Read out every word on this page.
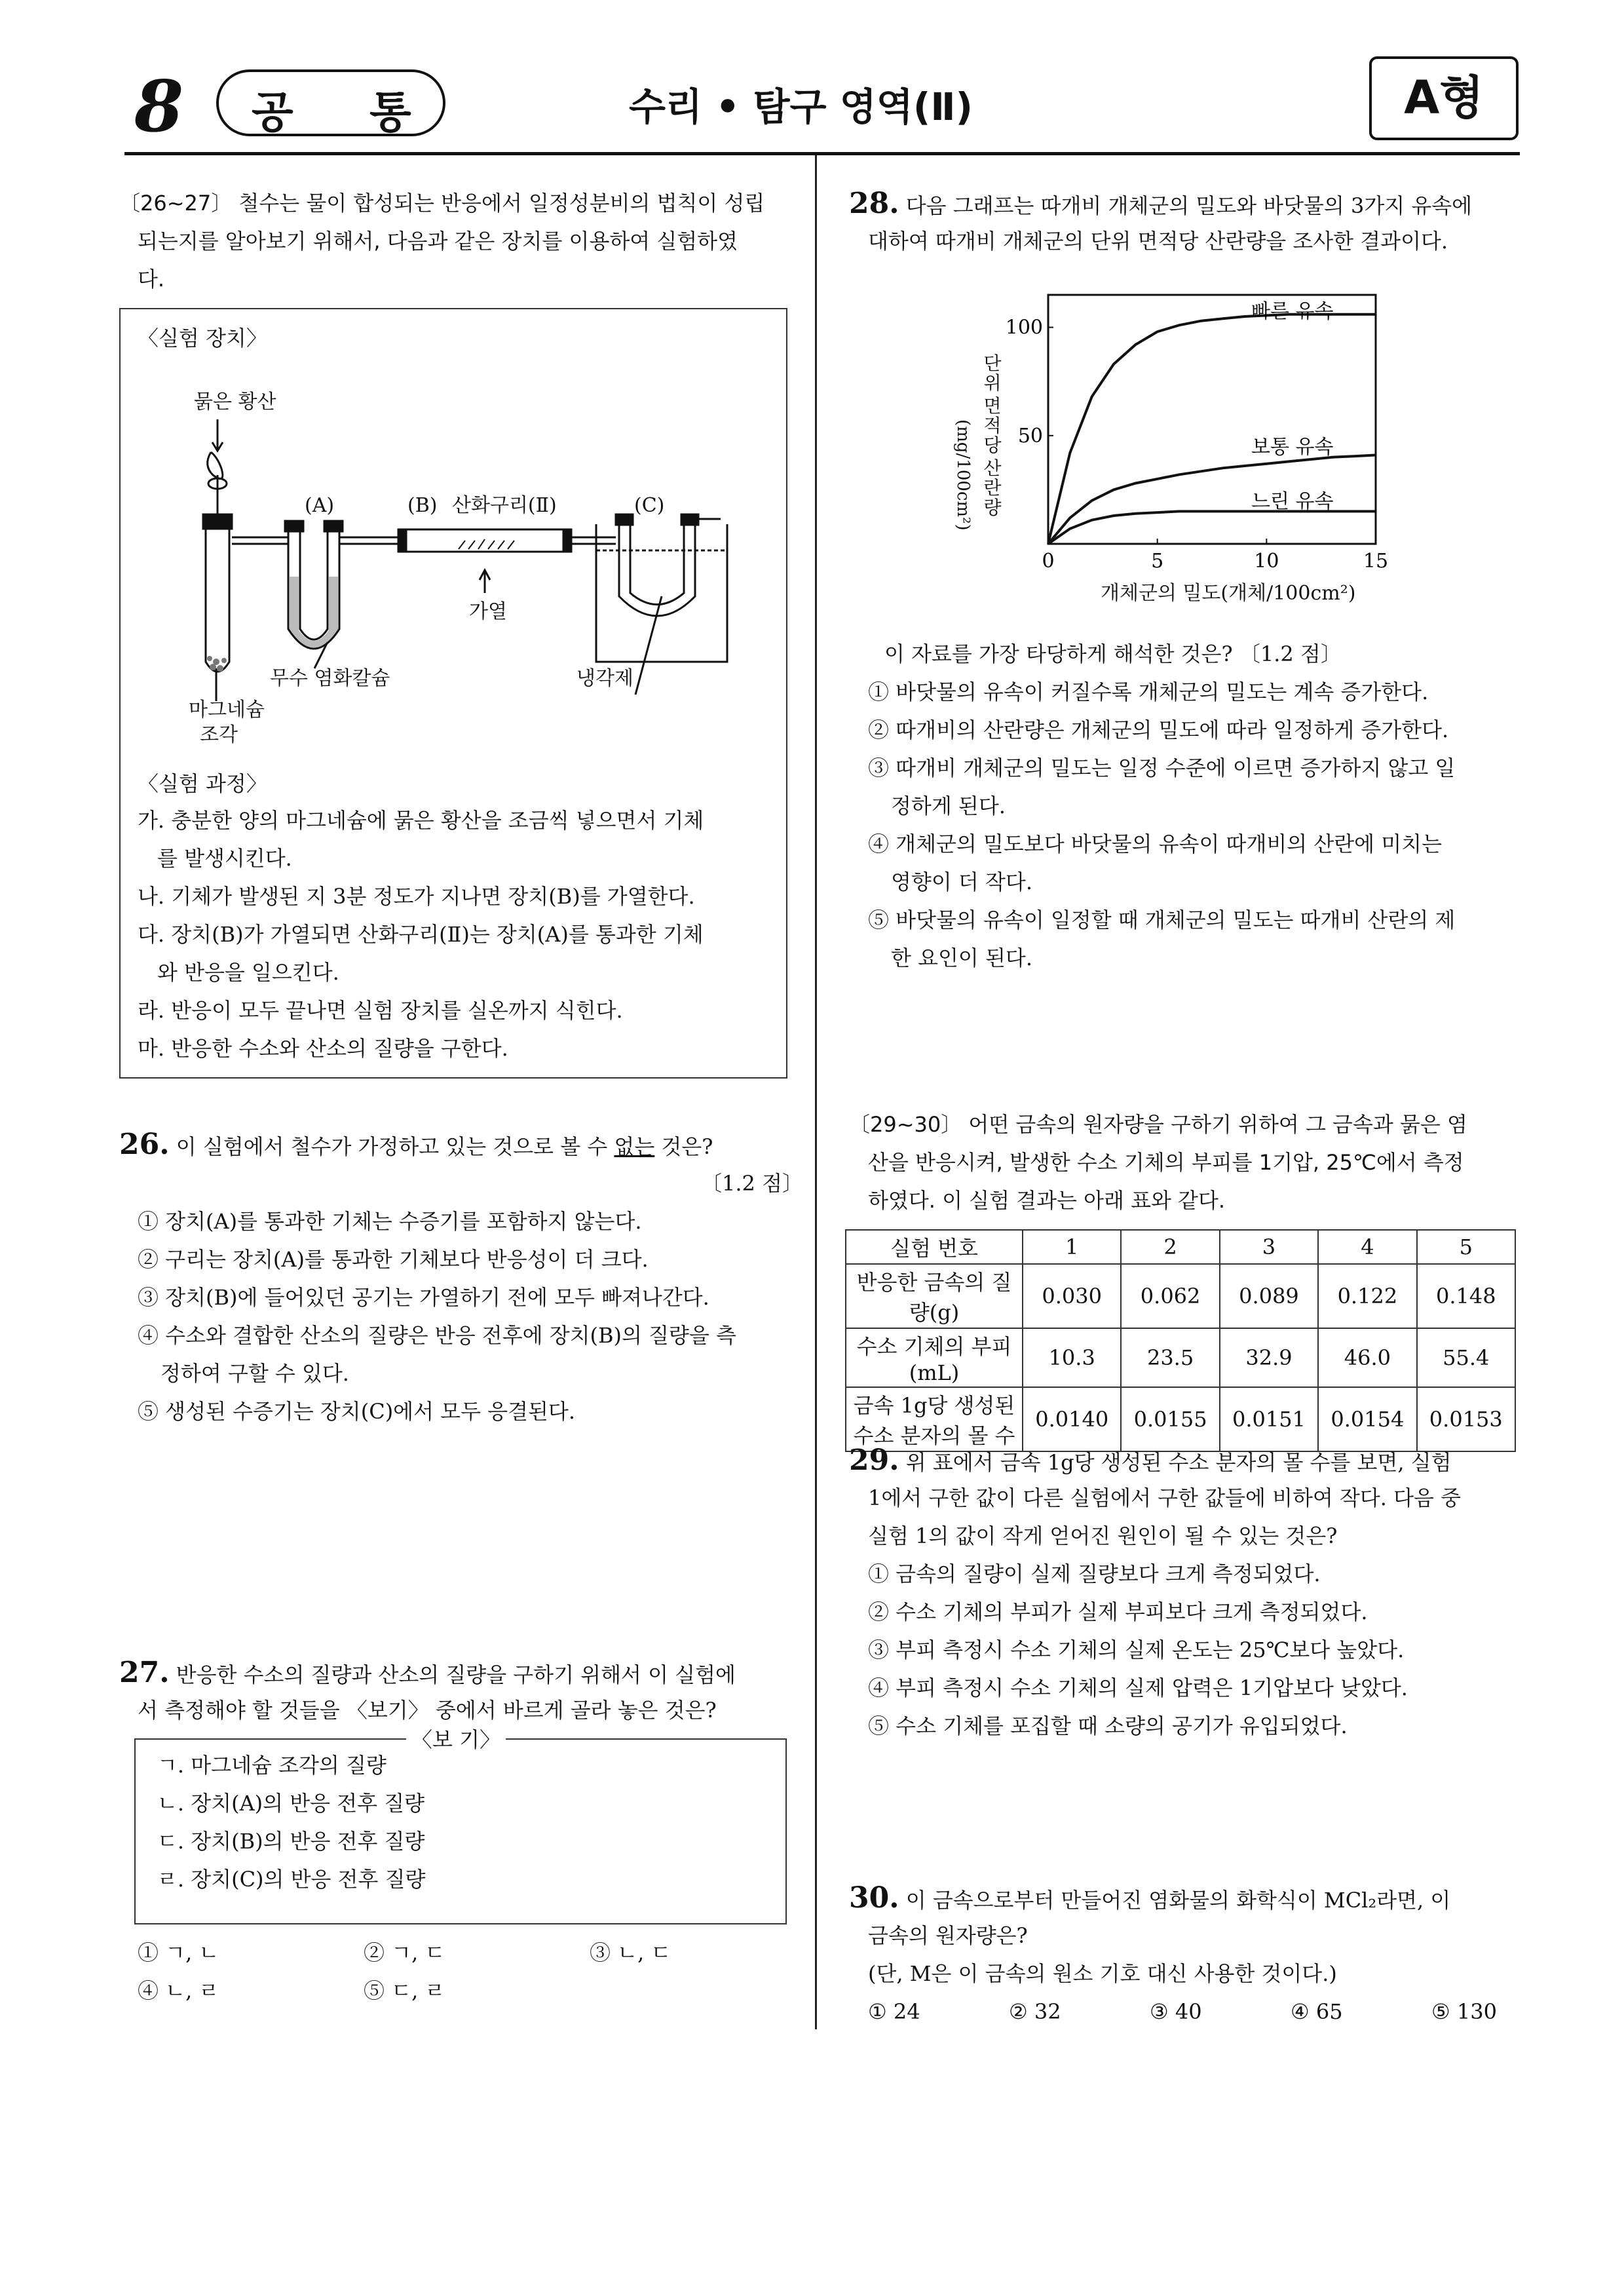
8 공 통	수리 • 탐구 영역(Ⅱ)	A형
〔26~27〕 철수는 물이 합성되는 반응에서 일정성분비의 법칙이 성립
되는지를 알아보기 위해서, 다음과 같은 장치를 이용하여 실험하였
다.
〈실험 장치〉
묽은 황산
(A)	(B) 산화구리(Ⅱ)	(C)
가열
무수 염화칼슘	냉각제
마그네슘
조각
〈실험 과정〉
가. 충분한 양의 마그네슘에 묽은 황산을 조금씩 넣으면서 기체
를 발생시킨다.
나. 기체가 발생된 지 3분 정도가 지나면 장치(B)를 가열한다.
다. 장치(B)가 가열되면 산화구리(Ⅱ)는 장치(A)를 통과한 기체
와 반응을 일으킨다.
라. 반응이 모두 끝나면 실험 장치를 실온까지 식힌다.
마. 반응한 수소와 산소의 질량을 구한다.
26. 이 실험에서 철수가 가정하고 있는 것으로 볼 수 없는 것은?
〔1.2 점〕
① 장치(A)를 통과한 기체는 수증기를 포함하지 않는다.
② 구리는 장치(A)를 통과한 기체보다 반응성이 더 크다.
③ 장치(B)에 들어있던 공기는 가열하기 전에 모두 빠져나간다.
④ 수소와 결합한 산소의 질량은 반응 전후에 장치(B)의 질량을 측
정하여 구할 수 있다.
⑤ 생성된 수증기는 장치(C)에서 모두 응결된다.
27. 반응한 수소의 질량과 산소의 질량을 구하기 위해서 이 실험에
서 측정해야 할 것들을 〈보기〉 중에서 바르게 골라 놓은 것은?
〈보 기〉
ㄱ. 마그네슘 조각의 질량
ㄴ. 장치(A)의 반응 전후 질량
ㄷ. 장치(B)의 반응 전후 질량
ㄹ. 장치(C)의 반응 전후 질량
① ㄱ, ㄴ	② ㄱ, ㄷ	③ ㄴ, ㄷ
④ ㄴ, ㄹ	⑤ ㄷ, ㄹ
28. 다음 그래프는 따개비 개체군의 밀도와 바닷물의 3가지 유속에
대하여 따개비 개체군의 단위 면적당 산란량을 조사한 결과이다.
0	5	10	15
50
100
빠른 유속
보통 유속
느린 유속
단
위
면
적
당
산
란
량
(mg/100cm²)
개체군의 밀도(개체/100cm²)
이 자료를 가장 타당하게 해석한 것은? 〔1.2 점〕
① 바닷물의 유속이 커질수록 개체군의 밀도는 계속 증가한다.
② 따개비의 산란량은 개체군의 밀도에 따라 일정하게 증가한다.
③ 따개비 개체군의 밀도는 일정 수준에 이르면 증가하지 않고 일
정하게 된다.
④ 개체군의 밀도보다 바닷물의 유속이 따개비의 산란에 미치는
영향이 더 작다.
⑤ 바닷물의 유속이 일정할 때 개체군의 밀도는 따개비 산란의 제
한 요인이 된다.
〔29~30〕 어떤 금속의 원자량을 구하기 위하여 그 금속과 묽은 염
산을 반응시켜, 발생한 수소 기체의 부피를 1기압, 25℃에서 측정
하였다. 이 실험 결과는 아래 표와 같다.
실험 번호	1	2	3	4	5
반응한 금속의 질량(g)	0.030	0.062	0.089	0.122	0.148
수소 기체의 부피(mL)	10.3	23.5	32.9	46.0	55.4

금속 1g당 생성된
수소 분자의 몰 수	0.0140	0.0155	0.0151	0.0154	0.0153
29. 위 표에서 금속 1g당 생성된 수소 분자의 몰 수를 보면, 실험
1에서 구한 값이 다른 실험에서 구한 값들에 비하여 작다. 다음 중
실험 1의 값이 작게 얻어진 원인이 될 수 있는 것은?
① 금속의 질량이 실제 질량보다 크게 측정되었다.
② 수소 기체의 부피가 실제 부피보다 크게 측정되었다.
③ 부피 측정시 수소 기체의 실제 온도는 25℃보다 높았다.
④ 부피 측정시 수소 기체의 실제 압력은 1기압보다 낮았다.
⑤ 수소 기체를 포집할 때 소량의 공기가 유입되었다.
30. 이 금속으로부터 만들어진 염화물의 화학식이 MCl₂라면, 이
금속의 원자량은?
(단, M은 이 금속의 원소 기호 대신 사용한 것이다.)
① 24	② 32	③ 40	④ 65	⑤ 130
